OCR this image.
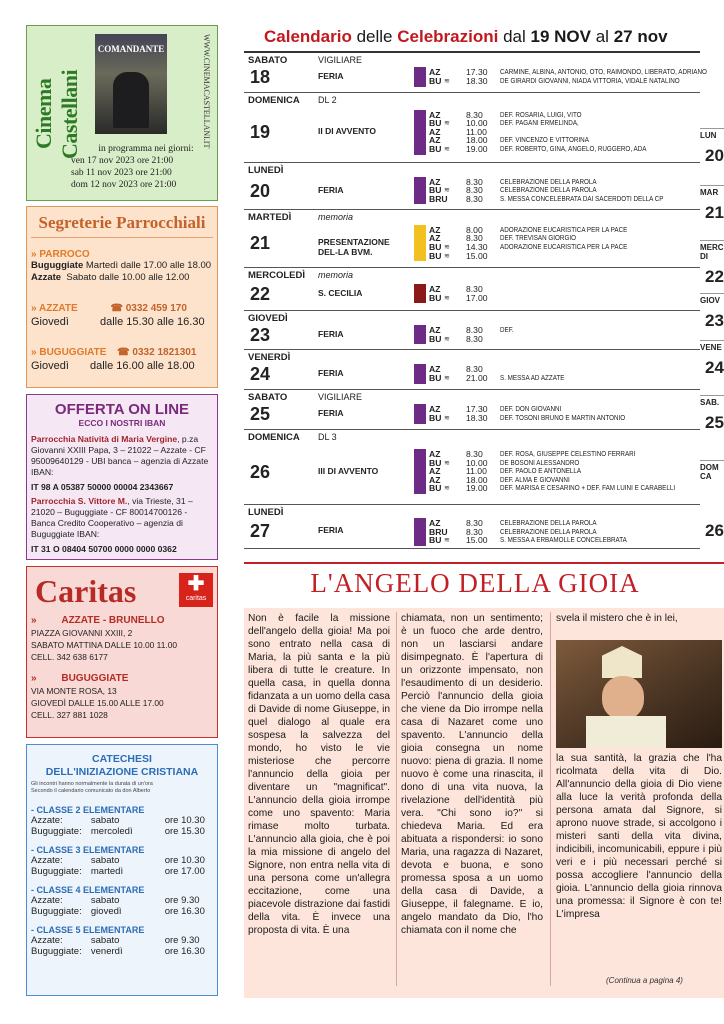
Cinema Castellani
COMANDANTE	WWW.CINEMACASTELLANI.IT
in programma nei giorni:
ven 17 nov 2023 ore 21:00
sab 11 nov 2023 ore 21:00
dom 12 nov 2023 ore 21:00
Segreterie Parrocchiali
» PARROCO
Buguggiate Martedì dalle 17.00 alle 18.00
Azzate Sabato dalle 10.00 alle 12.00
» AZZATE	☎ 0332 459 170
Giovedì	dalle 15.30 alle 16.30
» BUGUGGIATE ☎ 0332 1821301
Giovedì dalle 16.00 alle 18.00
OFFERTA ON LINE
ECCO I NOSTRI IBAN

Parrocchia Natività di Maria Vergine, p.za Giovanni XXIII Papa, 3 – 21022 – Azzate - CF 95009640129 - UBI banca – agenzia di Azzate IBAN:

IT 98 A 05387 50000 00004 2343667

Parrocchia S. Vittore M., via Trieste, 31 – 21020 – Buguggiate - CF 80014700126 - Banca Credito Cooperativo – agenzia di Buguggiate IBAN:

IT 31 O 08404 50700 0000 0000 0362
Caritas	✚
caritas
» AZZATE - BRUNELLO
PIAZZA GIOVANNI XXIII, 2
SABATO MATTINA DALLE 10.00 11.00
CELL. 342 638 6177
» BUGUGGIATE
VIA MONTE ROSA, 13
GIOVEDÌ DALLE 15.00 ALLE 17.00
CELL. 327 881 1028
CATECHESI
DELL'INIZIAZIONE CRISTIANA
Gli incontri hanno normalmente la durata di un'ora
Secondo il calendario comunicato da don Alberto
- CLASSE 2 ELEMENTARE
Azzate:	sabato	ore 10.30
Buguggiate: mercoledì	ore 15.30
- CLASSE 3 ELEMENTARE
Azzate:	sabato	ore 10.30
Buguggiate: martedì	ore 17.00
- CLASSE 4 ELEMENTARE
Azzate:	sabato	ore 9.30
Buguggiate: giovedì	ore 16.30
- CLASSE 5 ELEMENTARE
Azzate:	sabato	ore 9.30
Buguggiate: venerdì	ore 16.30
Calendario delle Celebrazioni dal 19 NOV al 27 nov
SABATO	VIGILIARE
18	FERIA	AZ	17.30 CARMINE, ALBINA, ANTONIO, OTO, RAIMONDO, LIBERATO, ADRIANO
BU ≋ 18.30 DE GIRARDI GIOVANNI, NIADA VITTORIA, VIDALE NATALINO
DOMENICA DL 2
19	II DI AVVENTO
AZ	8.30 DEF. ROSARIA, LUIGI, VITO
BU ≋ 10.00 DEF. PAGANI ERMELINDA,
AZ	11.00
AZ	18.00 DEF. VINCENZO E VITTORINA
BU ≋ 19.00 DEF. ROBERTO, GINA, ANGELO, RUGGERO, ADA
LUNEDÌ
20	FERIA
AZ	8.30 CELEBRAZIONE DELLA PAROLA
BU ≋ 8.30 CELEBRAZIONE DELLA PAROLA
BRU 8.30 S. MESSA CONCELEBRATA DAI SACERDOTI DELLA CP
MARTEDÌ	memoria
21	PRESENTAZIONE DEL-LA BVM.
AZ	8.00 ADORAZIONE EUCARISTICA PER LA PACE
AZ	8.30 DEF. TREVISAN GIORGIO
BU ≋ 14.30 ADORAZIONE EUCARISTICA PER LA PACE
BU ≋ 15.00
MERCOLEDÌ memoria
22	S. CECILIA	AZ	8.30
BU ≋ 17.00
GIOVEDÌ
23	FERIA	AZ	8.30 DEF.
BU ≋ 8.30
VENERDÌ
24	FERIA	AZ	8.30
BU ≋ 21.00 S. MESSA AD AZZATE
SABATO	VIGILIARE
25	FERIA	AZ	17.30 DEF. DON GIOVANNI
BU ≋ 18.30 DEF. TOSONI BRUNO E MARTIN ANTONIO
DOMENICA DL 3
26	III DI AVVENTO
AZ	8.30 DEF. ROSA, GIUSEPPE CELESTINO FERRARI
BU ≋ 10.00 DE BOSONI ALESSANDRO
AZ	11.00 DEF. PAOLO E ANTONELLA
AZ	18.00 DEF. ALMA E GIOVANNI
BU ≋ 19.00 DEF. MARISA E CESARINO + DEF. FAM LUINI E CARABELLI
LUNEDÌ
27	FERIA
AZ	8.30 CELEBRAZIONE DELLA PAROLA
BRU 8.30 CELEBRAZIONE DELLA PAROLA
BU ≋ 15.00 S. MESSA A ERBAMOLLE CONCELEBRATA
LUN
20
MAR
21
MERC DI
22
GIOV
23
VENE
24
SAB.
25
DOM CA
26
L'ANGELO DELLA GIOIA
Non è facile la missione dell'angelo della gioia! Ma poi sono entrato nella casa di Maria, la più santa e la più libera di tutte le creature. In quella casa, in quella donna fidanzata a un uomo della casa di Davide di nome Giuseppe, in quel dialogo al quale era sospesa la salvezza del mondo, ho visto le vie misteriose che percorre l'annuncio della gioia per diventare un "magnificat". L'annuncio della gioia irrompe come uno spavento: Maria rimase molto turbata. L'annuncio alla gioia, che è poi la mia missione di angelo del Signore, non entra nella vita di una persona come un'allegra eccitazione, come una piacevole distrazione dai fastidi della vita. È invece una proposta di vita. È una
chiamata, non un sentimento; è un fuoco che arde dentro, non un lasciarsi andare disimpegnato. È l'apertura di un orizzonte impensato, non l'esaudimento di un desiderio. Perciò l'annuncio della gioia che viene da Dio irrompe nella casa di Nazaret come uno spavento. L'annuncio della gioia consegna un nome nuovo: piena di grazia. Il nome nuovo è come una rinascita, il dono di una vita nuova, la rivelazione dell'identità più vera. "Chi sono io?" si chiedeva Maria. Ed era abituata a rispondersi: io sono Maria, una ragazza di Nazaret, devota e buona, e sono promessa sposa a un uomo della casa di Davide, a Giuseppe, il falegname. E io, angelo mandato da Dio, l'ho chiamata con il nome che
svela il mistero che è in lei,
la sua santità, la grazia che l'ha ricolmata della vita di Dio. All'annuncio della gioia di Dio viene alla luce la verità profonda della persona amata dal Signore, si aprono nuove strade, si accolgono i misteri santi della vita divina, indicibili, incomunicabili, eppure i più veri e i più necessari perché si possa accogliere l'annuncio della gioia. L'annuncio della gioia rinnova una promessa: il Signore è con te! L'impresa
(Continua a pagina 4)
